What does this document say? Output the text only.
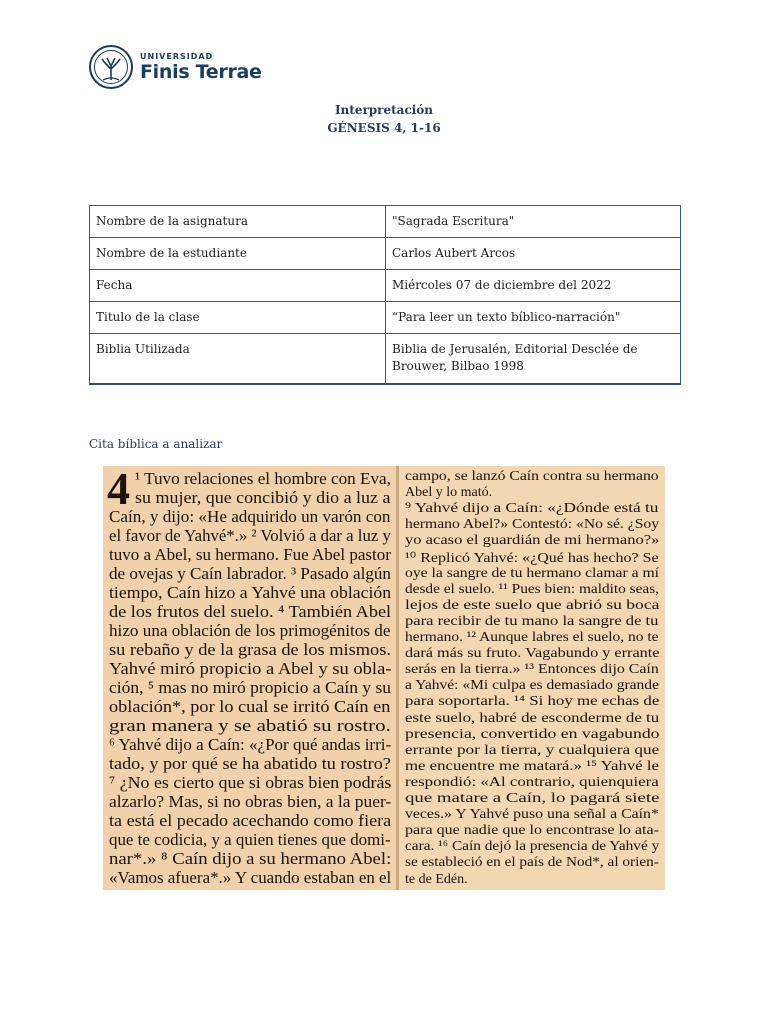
UNIVERSIDAD
Finis Terrae
Interpretación
GÉNESIS 4, 1-16
Nombre de la asignatura	"Sagrada Escritura"
Nombre de la estudiante	Carlos Aubert Arcos
Fecha	Miércoles 07 de diciembre del 2022
Titulo de la clase	“Para leer un texto bíblico-narración"
Biblia Utilizada	Biblia de Jerusalén, Editorial Desclée de Brouwer, Bilbao 1998
Cita bíblica a analizar
4 ¹ Tuvo relaciones el hombre con Eva,
su mujer, que concibió y dio a luz a
Caín, y dijo: «He adquirido un varón con
el favor de Yahvé*.» ² Volvió a dar a luz y
tuvo a Abel, su hermano. Fue Abel pastor
de ovejas y Caín labrador. ³ Pasado algún
tiempo, Caín hizo a Yahvé una oblación
de los frutos del suelo. ⁴ También Abel
hizo una oblación de los primogénitos de
su rebaño y de la grasa de los mismos.
Yahvé miró propicio a Abel y su obla-
ción, ⁵ mas no miró propicio a Caín y su
oblación*, por lo cual se irritó Caín en
gran manera y se abatió su rostro.
⁶ Yahvé dijo a Caín: «¿Por qué andas irri-
tado, y por qué se ha abatido tu rostro?
⁷ ¿No es cierto que si obras bien podrás
alzarlo? Mas, si no obras bien, a la puer-
ta está el pecado acechando como fiera
que te codicia, y a quien tienes que domi-
nar*.» ⁸ Caín dijo a su hermano Abel:
«Vamos afuera*.» Y cuando estaban en el
campo, se lanzó Caín contra su hermano
Abel y lo mató.
⁹ Yahvé dijo a Caín: «¿Dónde está tu
hermano Abel?» Contestó: «No sé. ¿Soy
yo acaso el guardián de mi hermano?»
¹⁰ Replicó Yahvé: «¿Qué has hecho? Se
oye la sangre de tu hermano clamar a mí
desde el suelo. ¹¹ Pues bien: maldito seas,
lejos de este suelo que abrió su boca
para recibir de tu mano la sangre de tu
hermano. ¹² Aunque labres el suelo, no te
dará más su fruto. Vagabundo y errante
serás en la tierra.» ¹³ Entonces dijo Caín
a Yahvé: «Mi culpa es demasiado grande
para soportarla. ¹⁴ Si hoy me echas de
este suelo, habré de esconderme de tu
presencia, convertido en vagabundo
errante por la tierra, y cualquiera que
me encuentre me matará.» ¹⁵ Yahvé le
respondió: «Al contrario, quienquiera
que matare a Caín, lo pagará siete
veces.» Y Yahvé puso una señal a Caín*
para que nadie que lo encontrase lo ata-
cara. ¹⁶ Caín dejó la presencia de Yahvé y
se estableció en el país de Nod*, al orien-
te de Edén.
